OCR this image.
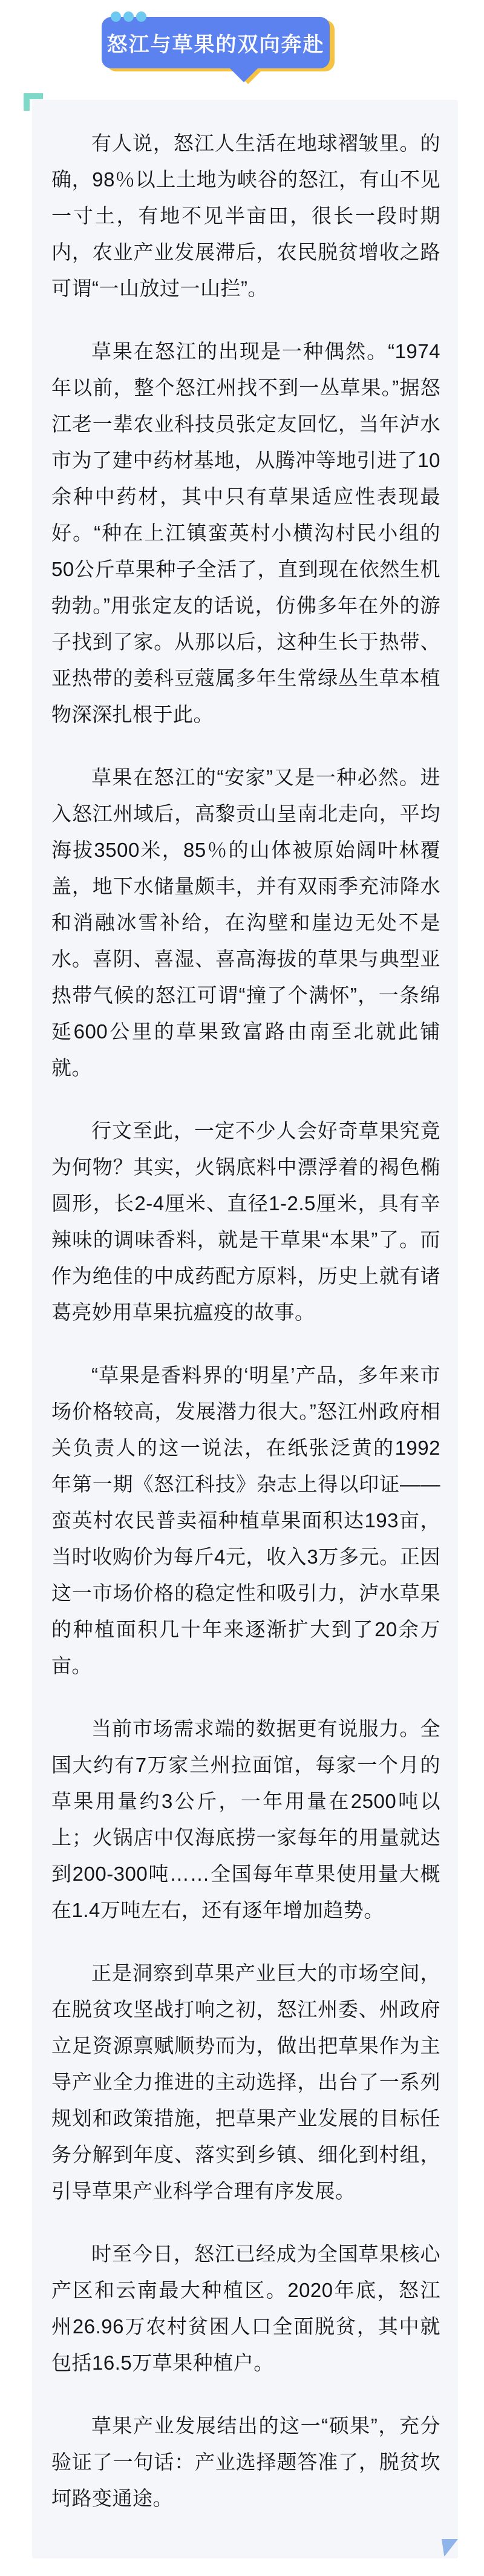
怒江与草果的双向奔赴

有人说，怒江人生活在地球褶皱里。的确，98％以上土地为峡谷的怒江，有山不见一寸土，有地不见半亩田，很长一段时期内，农业产业发展滞后，农民脱贫增收之路可谓“一山放过一山拦”。

草果在怒江的出现是一种偶然。“1974年以前，整个怒江州找不到一丛草果。”据怒江老一辈农业科技员张定友回忆，当年泸水市为了建中药材基地，从腾冲等地引进了10余种中药材，其中只有草果适应性表现最好。“种在上江镇蛮英村小横沟村民小组的50公斤草果种子全活了，直到现在依然生机勃勃。”用张定友的话说，仿佛多年在外的游子找到了家。从那以后，这种生长于热带、亚热带的姜科豆蔻属多年生常绿丛生草本植物深深扎根于此。

草果在怒江的“安家”又是一种必然。进入怒江州域后，高黎贡山呈南北走向，平均海拔3500米，85％的山体被原始阔叶林覆盖，地下水储量颇丰，并有双雨季充沛降水和消融冰雪补给，在沟壁和崖边无处不是水。喜阴、喜湿、喜高海拔的草果与典型亚热带气候的怒江可谓“撞了个满怀”，一条绵延600公里的草果致富路由南至北就此铺就。

行文至此，一定不少人会好奇草果究竟为何物？其实，火锅底料中漂浮着的褐色椭圆形，长2-4厘米、直径1-2.5厘米，具有辛辣味的调味香料，就是干草果“本果”了。而作为绝佳的中成药配方原料，历史上就有诸葛亮妙用草果抗瘟疫的故事。

“草果是香料界的‘明星’产品，多年来市场价格较高，发展潜力很大。”怒江州政府相关负责人的这一说法，在纸张泛黄的1992年第一期《怒江科技》杂志上得以印证——蛮英村农民普卖福种植草果面积达193亩，当时收购价为每斤4元，收入3万多元。正因这一市场价格的稳定性和吸引力，泸水草果的种植面积几十年来逐渐扩大到了20余万亩。

当前市场需求端的数据更有说服力。全国大约有7万家兰州拉面馆，每家一个月的草果用量约3公斤，一年用量在2500吨以上；火锅店中仅海底捞一家每年的用量就达到200-300吨……全国每年草果使用量大概在1.4万吨左右，还有逐年增加趋势。

正是洞察到草果产业巨大的市场空间，在脱贫攻坚战打响之初，怒江州委、州政府立足资源禀赋顺势而为，做出把草果作为主导产业全力推进的主动选择，出台了一系列规划和政策措施，把草果产业发展的目标任务分解到年度、落实到乡镇、细化到村组，引导草果产业科学合理有序发展。

时至今日，怒江已经成为全国草果核心产区和云南最大种植区。2020年底，怒江州26.96万农村贫困人口全面脱贫，其中就包括16.5万草果种植户。

草果产业发展结出的这一“硕果”，充分验证了一句话：产业选择题答准了，脱贫坎坷路变通途。
